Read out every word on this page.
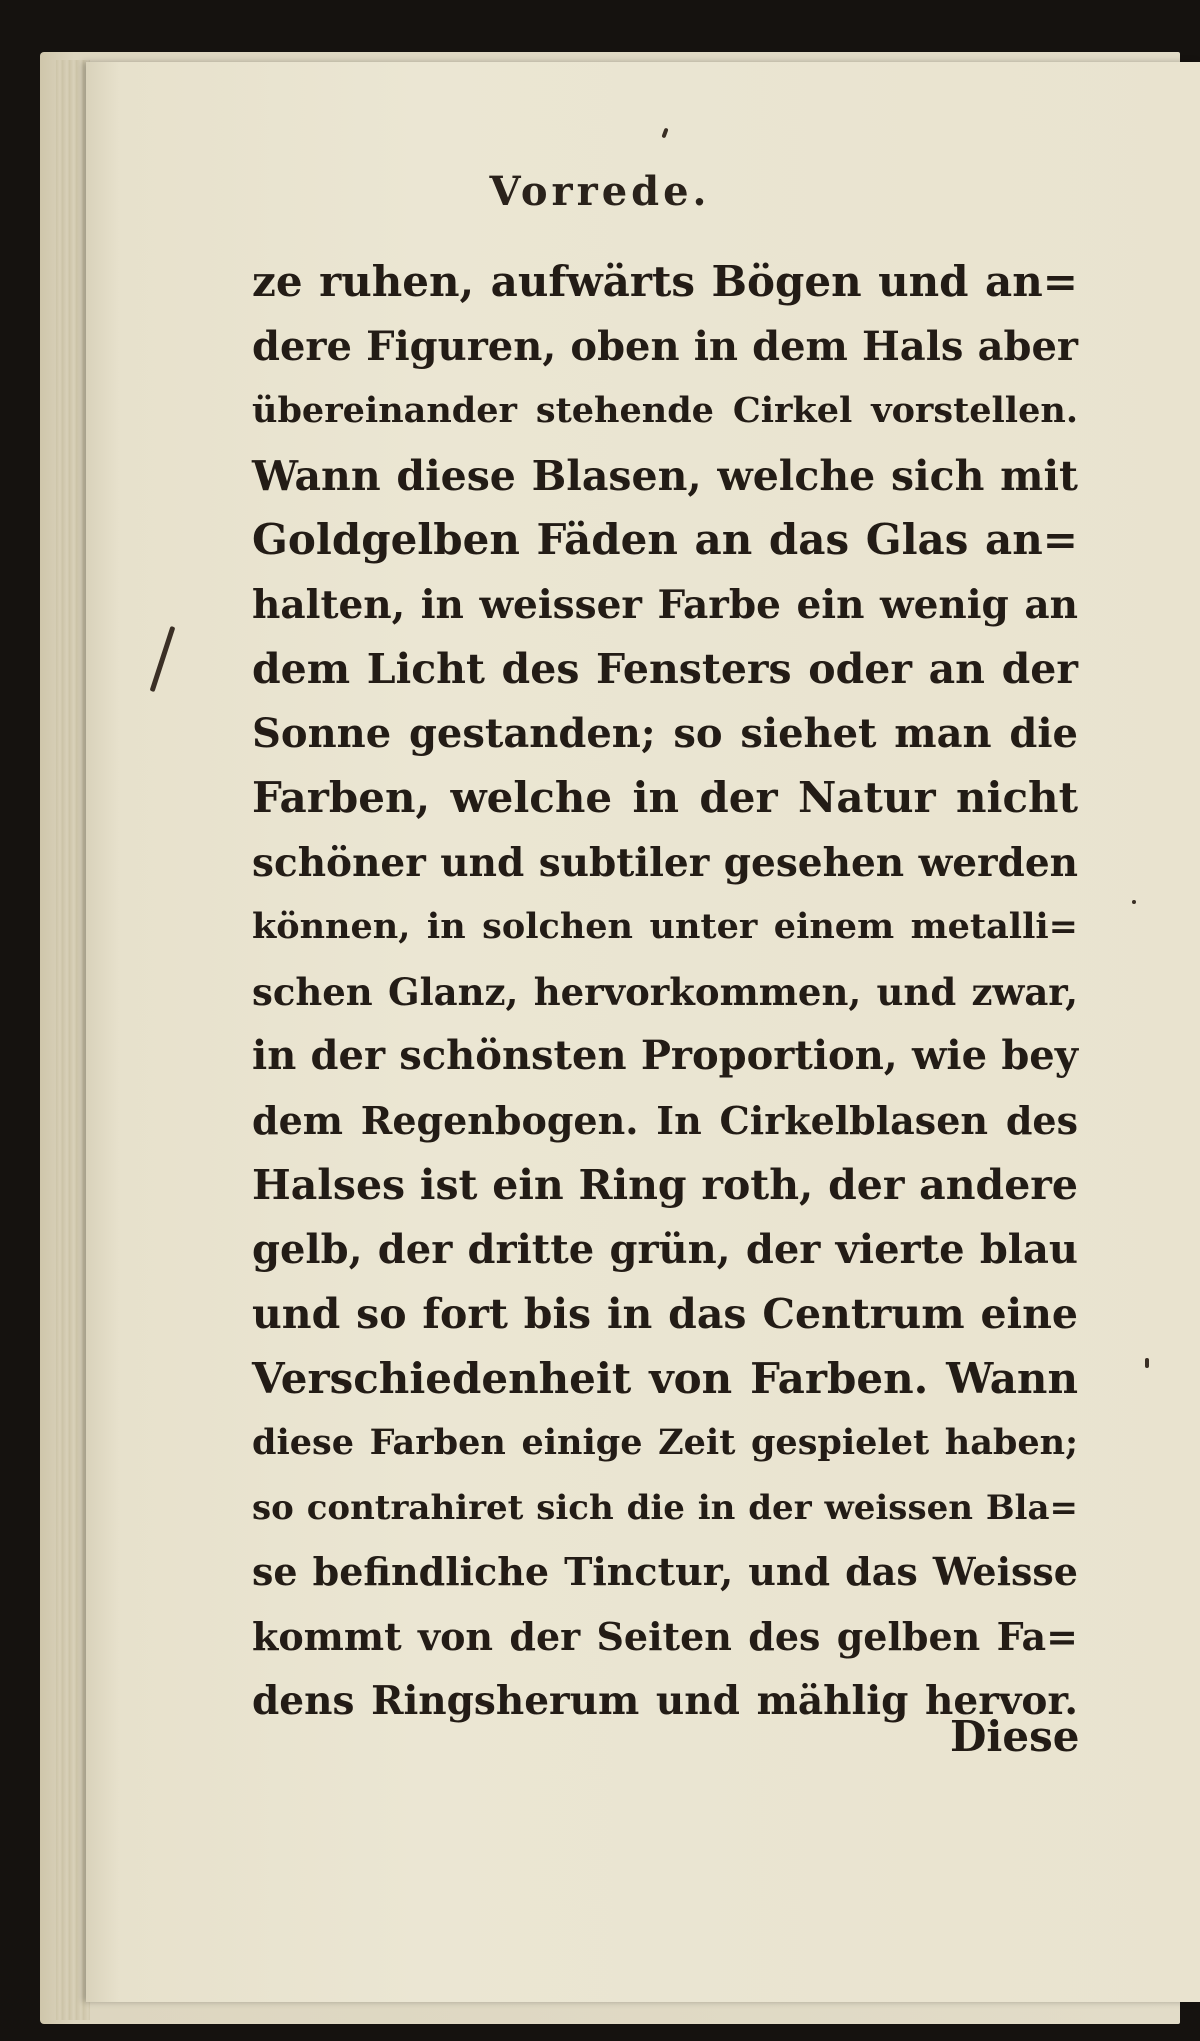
Vorrede.
ze ruhen, aufwärts Bögen und an=
dere Figuren, oben in dem Hals aber
übereinander stehende Cirkel vorstellen.
Wann diese Blasen, welche sich mit
Goldgelben Fäden an das Glas an=
halten, in weisser Farbe ein wenig an
dem Licht des Fensters oder an der
Sonne gestanden; so siehet man die
Farben, welche in der Natur nicht
schöner und subtiler gesehen werden
können, in solchen unter einem metalli=
schen Glanz, hervorkommen, und zwar,
in der schönsten Proportion, wie bey
dem Regenbogen. In Cirkelblasen des
Halses ist ein Ring roth, der andere
gelb, der dritte grün, der vierte blau
und so fort bis in das Centrum eine
Verschiedenheit von Farben. Wann
diese Farben einige Zeit gespielet haben;
so contrahiret sich die in der weissen Bla=
se befindliche Tinctur, und das Weisse
kommt von der Seiten des gelben Fa=
dens Ringsherum und mählig hervor.
Diese
